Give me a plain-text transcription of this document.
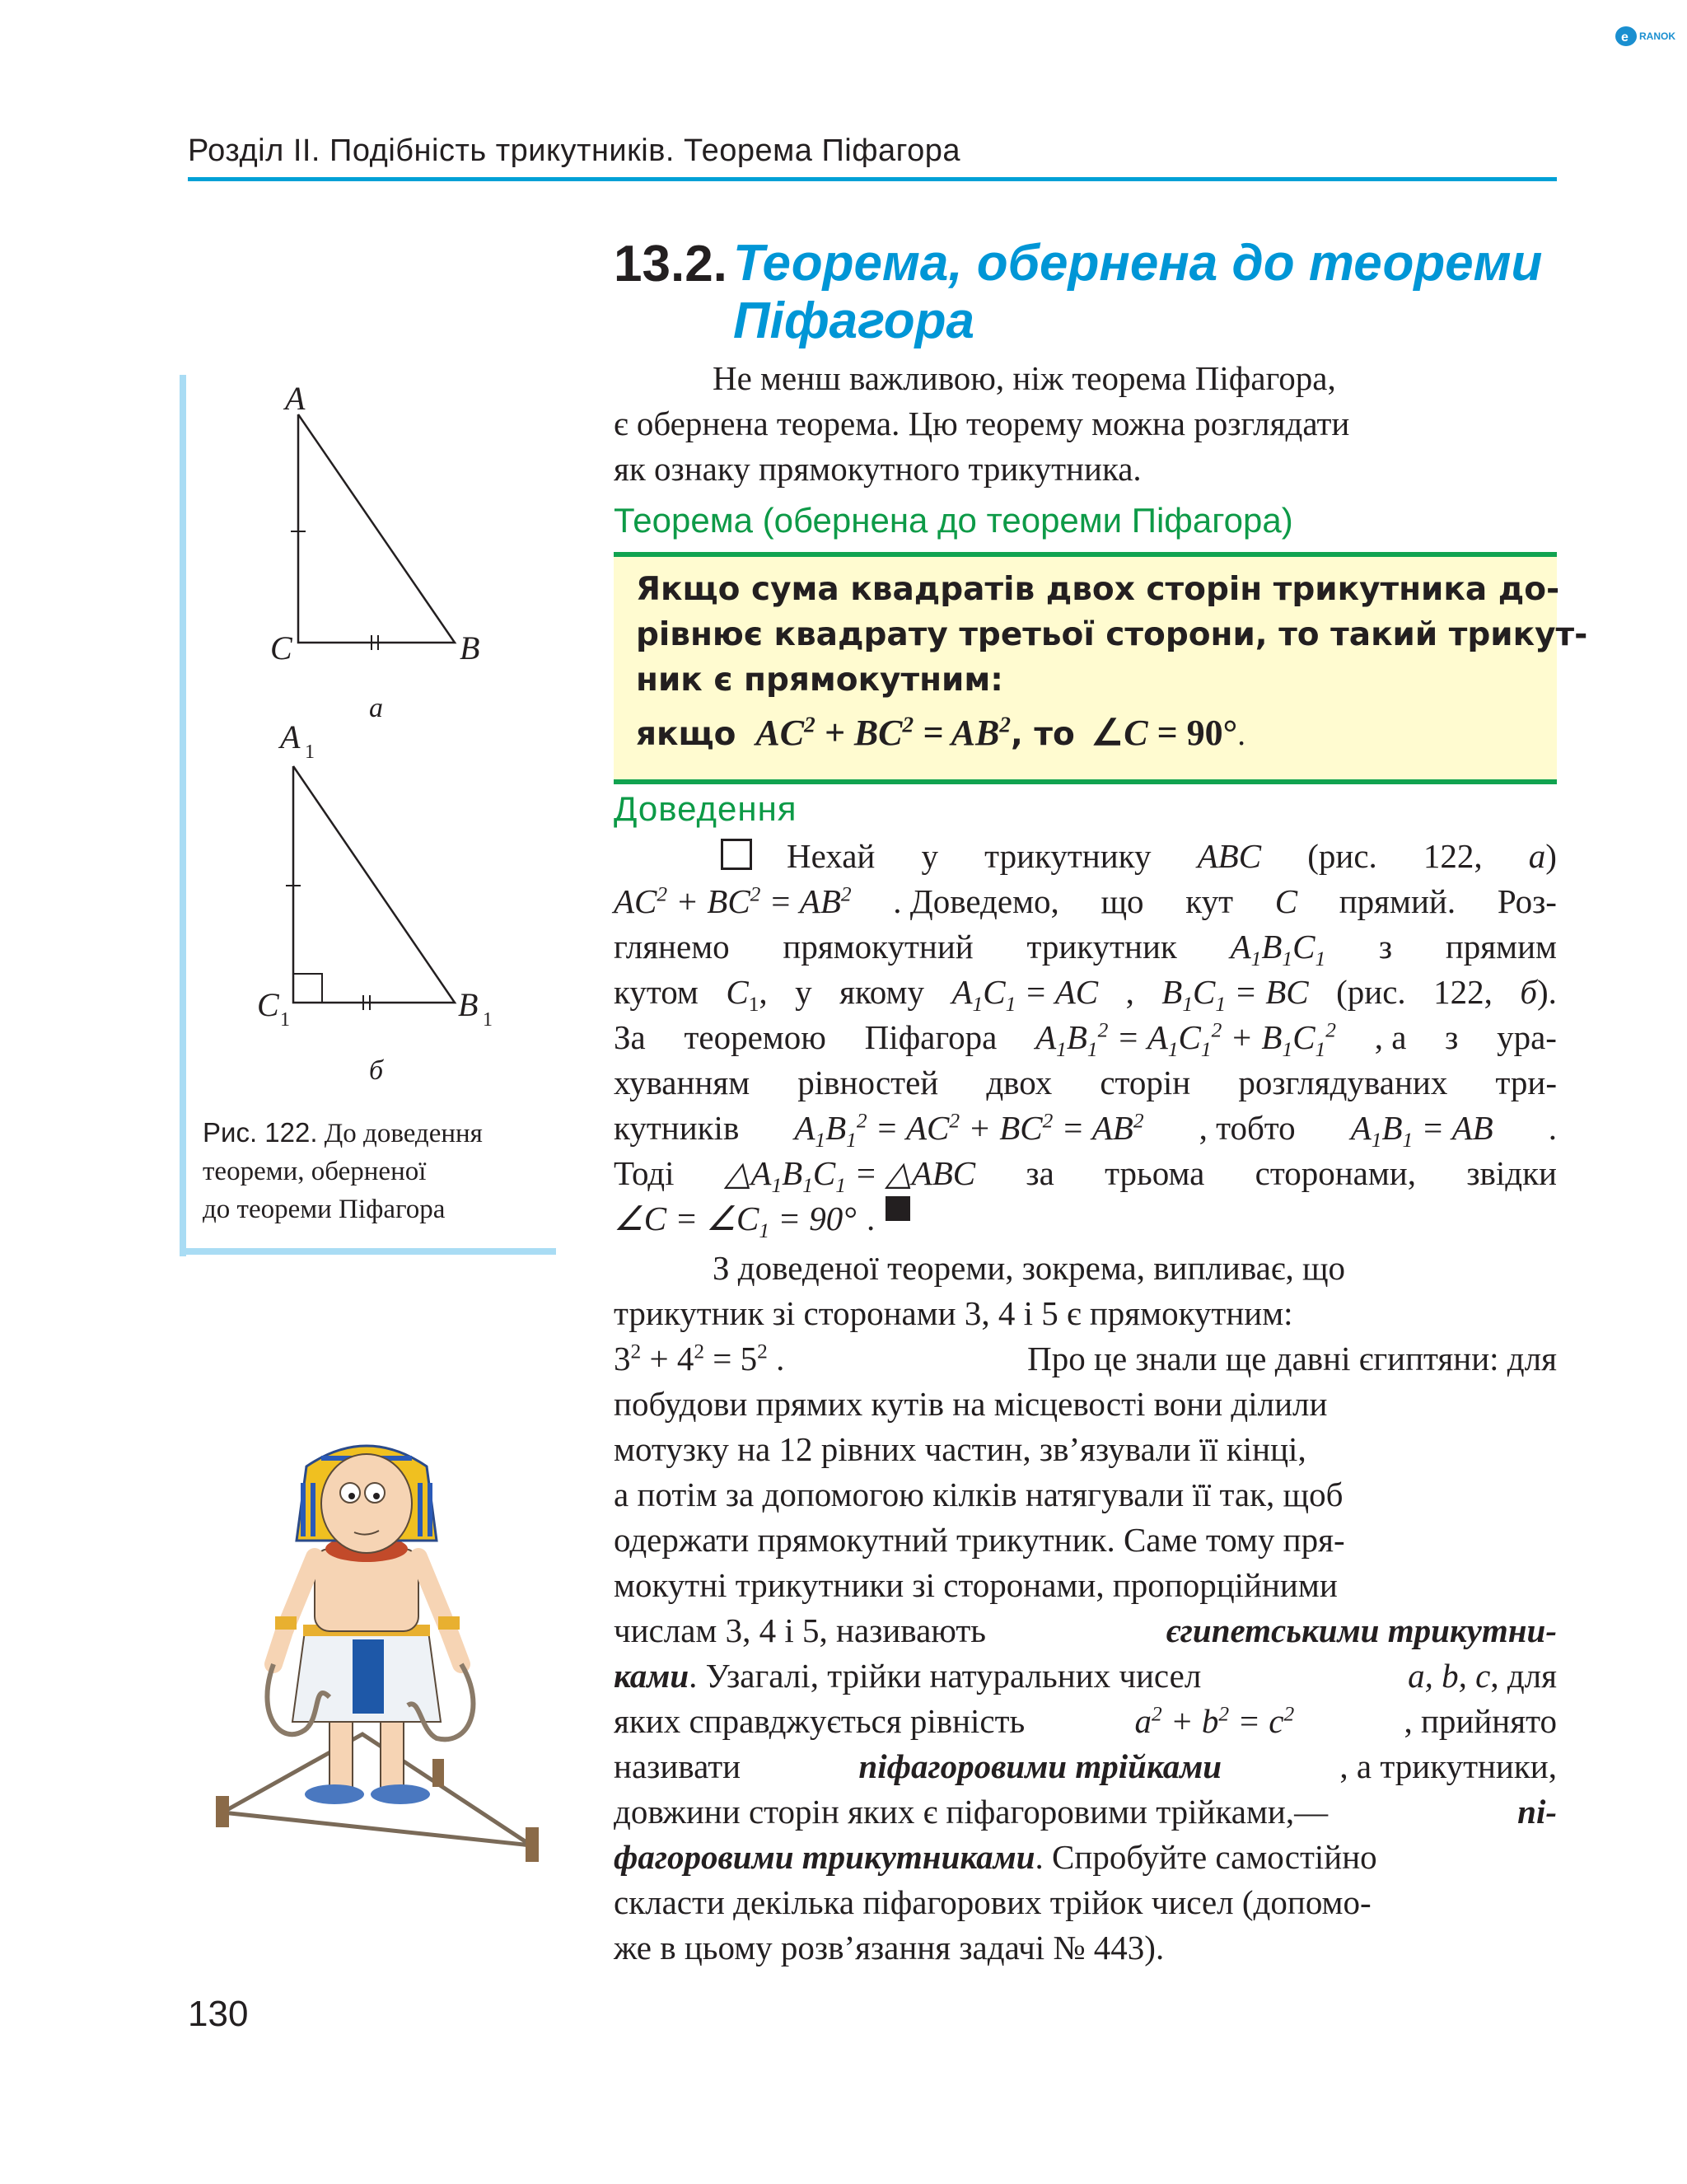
e RANOK
Розділ ІІ. Подібність трикутників. Теорема Піфагора
13.2. Теорема, обернена до теореми
Піфагора
Не менш важливою, ніж теорема Піфагора,
є обернена теорема. Цю теорему можна розглядати
як ознаку прямокутного трикутника.
Теорема (обернена до теореми Піфагора)
Якщо сума квадратів двох сторін трикутника до-
рівнює квадрату третьої сторони, то такий трикут-
ник є прямокутним:
якщо $AC^2 + BC^2 = AB^2$ , то ∠C = 90° .
Доведення
Нехай у трикутнику ABC (рис. 122, а)
$AC^2 + BC^2 = AB^2$ . Доведемо, що кут C прямий. Роз-
глянемо прямокутний трикутник $A_1B_1C_1$ з прямим
кутом $C_1$, у якому $A_1C_1$ = AC , $B_1C_1$ = BC (рис. 122, б).
За теоремою Піфагора $A_1B_1^2 = A_1C_1^2 + B_1C_1^2$ , а з ура-
хуванням рівностей двох сторін розглядуваних три-
кутників $A_1B_1^2 = AC^2 + BC^2 = AB^2$ , тобто $A_1B_1$ = AB .
Тоді $\triangle A_1B_1C_1$ = △ABC за трьома сторонами, звідки
∠C = $\angle C_1 = 90^\circ$ .
З доведеної теореми, зокрема, випливає, що
трикутник зі сторонами 3, 4 і 5 є прямокутним:
$3^2 + 4^2 = 5^2$ .	Про це знали ще давні єгиптяни: для
побудови прямих кутів на місцевості вони ділили
мотузку на 12 рівних частин, зв’язували її кінці,
а потім за допомогою кілків натягували її так, щоб
одержати прямокутний трикутник. Саме тому пря-
мокутні трикутники зі сторонами, пропорційними
числам 3, 4 і 5, називають	єгипетськими трикутни-
ками. Узагалі, трійки натуральних чисел	a, b, c, для
яких справджується рівність	$a^2 + b^2 = c^2$	, прийнято
називати	піфагоровими трійками	, а трикутники,
довжини сторін яких є піфагоровими трійками,—	пі-
фагоровими трикутниками. Спробуйте самостійно
скласти декілька піфагорових трійок чисел (допомо-
же в цьому розв’язання задачі № 443).
A
C	B
a
A 1
C 1	B 1
б
Рис. 122. До доведення
теореми, оберненої
до теореми Піфагора
130
